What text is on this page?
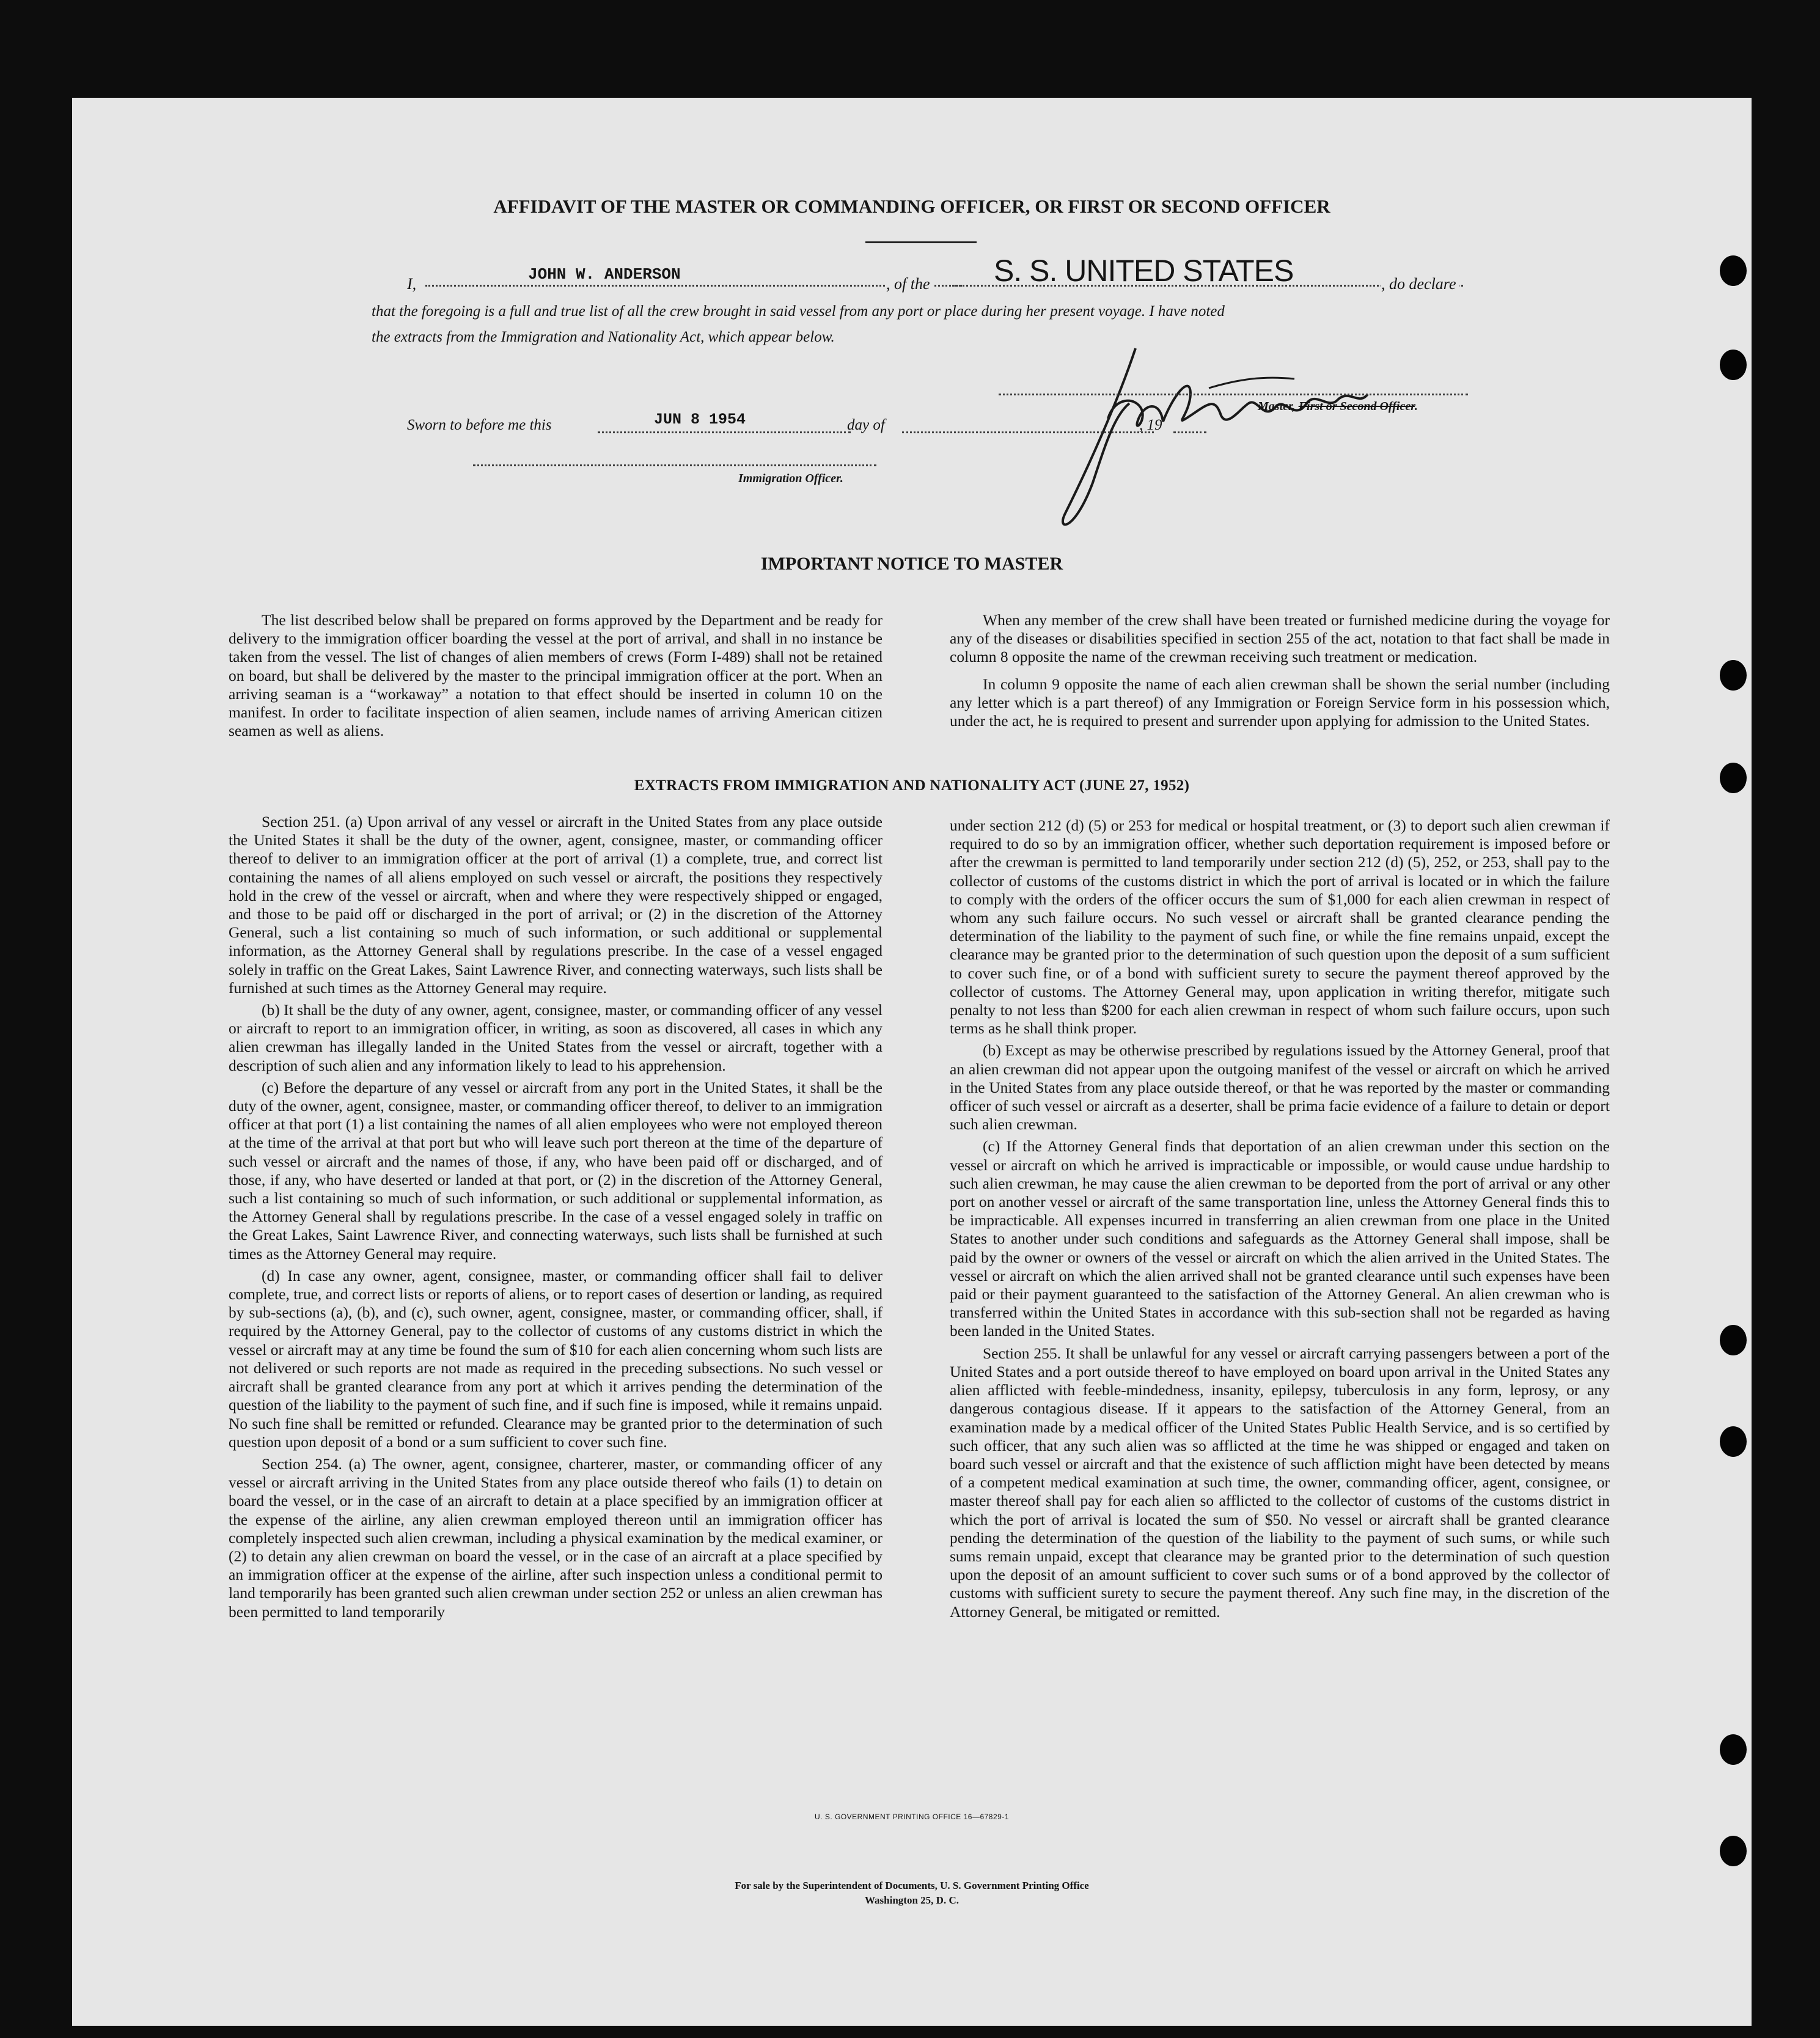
AFFIDAVIT OF THE MASTER OR COMMANDING OFFICER, OR FIRST OR SECOND OFFICER
I,
JOHN W. ANDERSON
, of the S. S. UNITED STATES	, do declare
that the foregoing is a full and true list of all the crew brought in said vessel from any port or place during her present voyage. I have noted
the extracts from the Immigration and Nationality Act, which appear below.
Master, First or Second Officer.
Sworn to before me this	JUN 8 1954	day of	, 19
Immigration Officer.
IMPORTANT NOTICE TO MASTER

The list described below shall be prepared on forms approved by the Department and be ready for delivery to the immigration officer boarding the vessel at the port of arrival, and shall in no instance be taken from the vessel. The list of changes of alien members of crews (Form I-489) shall not be retained on board, but shall be delivered by the master to the principal immigration officer at the port. When an arriving seaman is a “workaway” a notation to that effect should be inserted in column 10 on the manifest. In order to facilitate inspection of alien seamen, include names of arriving American citizen seamen as well as aliens.

When any member of the crew shall have been treated or furnished medicine during the voyage for any of the diseases or disabilities specified in section 255 of the act, notation to that fact shall be made in column 8 opposite the name of the crewman receiving such treatment or medication.

In column 9 opposite the name of each alien crewman shall be shown the serial number (including any letter which is a part thereof) of any Immigration or Foreign Service form in his possession which, under the act, he is required to present and surrender upon applying for admission to the United States.

EXTRACTS FROM IMMIGRATION AND NATIONALITY ACT (JUNE 27, 1952)

Section 251. (a) Upon arrival of any vessel or aircraft in the United States from any place outside the United States it shall be the duty of the owner, agent, consignee, master, or commanding officer thereof to deliver to an immigration officer at the port of arrival (1) a complete, true, and correct list containing the names of all aliens employed on such vessel or aircraft, the positions they respectively hold in the crew of the vessel or aircraft, when and where they were respectively shipped or engaged, and those to be paid off or discharged in the port of arrival; or (2) in the discretion of the Attorney General, such a list containing so much of such information, or such additional or supplemental information, as the Attorney General shall by regulations prescribe. In the case of a vessel engaged solely in traffic on the Great Lakes, Saint Lawrence River, and connecting waterways, such lists shall be furnished at such times as the Attorney General may require.

(b) It shall be the duty of any owner, agent, consignee, master, or commanding officer of any vessel or aircraft to report to an immigration officer, in writing, as soon as discovered, all cases in which any alien crewman has illegally landed in the United States from the vessel or aircraft, together with a description of such alien and any information likely to lead to his apprehension.

(c) Before the departure of any vessel or aircraft from any port in the United States, it shall be the duty of the owner, agent, consignee, master, or commanding officer thereof, to deliver to an immigration officer at that port (1) a list containing the names of all alien employees who were not employed thereon at the time of the arrival at that port but who will leave such port thereon at the time of the departure of such vessel or aircraft and the names of those, if any, who have been paid off or discharged, and of those, if any, who have deserted or landed at that port, or (2) in the discretion of the Attorney General, such a list containing so much of such information, or such additional or supplemental information, as the Attorney General shall by regulations prescribe. In the case of a vessel engaged solely in traffic on the Great Lakes, Saint Lawrence River, and connecting waterways, such lists shall be furnished at such times as the Attorney General may require.

(d) In case any owner, agent, consignee, master, or commanding officer shall fail to deliver complete, true, and correct lists or reports of aliens, or to report cases of desertion or landing, as required by sub-sections (a), (b), and (c), such owner, agent, consignee, master, or commanding officer, shall, if required by the Attorney General, pay to the collector of customs of any customs district in which the vessel or aircraft may at any time be found the sum of $10 for each alien concerning whom such lists are not delivered or such reports are not made as required in the preceding subsections. No such vessel or aircraft shall be granted clearance from any port at which it arrives pending the determination of the question of the liability to the payment of such fine, and if such fine is imposed, while it remains unpaid. No such fine shall be remitted or refunded. Clearance may be granted prior to the determination of such question upon deposit of a bond or a sum sufficient to cover such fine.

Section 254. (a) The owner, agent, consignee, charterer, master, or commanding officer of any vessel or aircraft arriving in the United States from any place outside thereof who fails (1) to detain on board the vessel, or in the case of an aircraft to detain at a place specified by an immigration officer at the expense of the airline, any alien crewman employed thereon until an immigration officer has completely inspected such alien crewman, including a physical examination by the medical examiner, or (2) to detain any alien crewman on board the vessel, or in the case of an aircraft at a place specified by an immigration officer at the expense of the airline, after such inspection unless a conditional permit to land temporarily has been granted such alien crewman under section 252 or unless an alien crewman has been permitted to land temporarily

under section 212 (d) (5) or 253 for medical or hospital treatment, or (3) to deport such alien crewman if required to do so by an immigration officer, whether such deportation requirement is imposed before or after the crewman is permitted to land temporarily under section 212 (d) (5), 252, or 253, shall pay to the collector of customs of the customs district in which the port of arrival is located or in which the failure to comply with the orders of the officer occurs the sum of $1,000 for each alien crewman in respect of whom any such failure occurs. No such vessel or aircraft shall be granted clearance pending the determination of the liability to the payment of such fine, or while the fine remains unpaid, except the clearance may be granted prior to the determination of such question upon the deposit of a sum sufficient to cover such fine, or of a bond with sufficient surety to secure the payment thereof approved by the collector of customs. The Attorney General may, upon application in writing therefor, mitigate such penalty to not less than $200 for each alien crewman in respect of whom such failure occurs, upon such terms as he shall think proper.

(b) Except as may be otherwise prescribed by regulations issued by the Attorney General, proof that an alien crewman did not appear upon the outgoing manifest of the vessel or aircraft on which he arrived in the United States from any place outside thereof, or that he was reported by the master or commanding officer of such vessel or aircraft as a deserter, shall be prima facie evidence of a failure to detain or deport such alien crewman.

(c) If the Attorney General finds that deportation of an alien crewman under this section on the vessel or aircraft on which he arrived is impracticable or impossible, or would cause undue hardship to such alien crewman, he may cause the alien crewman to be deported from the port of arrival or any other port on another vessel or aircraft of the same transportation line, unless the Attorney General finds this to be impracticable. All expenses incurred in transferring an alien crewman from one place in the United States to another under such conditions and safeguards as the Attorney General shall impose, shall be paid by the owner or owners of the vessel or aircraft on which the alien arrived in the United States. The vessel or aircraft on which the alien arrived shall not be granted clearance until such expenses have been paid or their payment guaranteed to the satisfaction of the Attorney General. An alien crewman who is transferred within the United States in accordance with this sub-section shall not be regarded as having been landed in the United States.

Section 255. It shall be unlawful for any vessel or aircraft carrying passengers between a port of the United States and a port outside thereof to have employed on board upon arrival in the United States any alien afflicted with feeble-mindedness, insanity, epilepsy, tuberculosis in any form, leprosy, or any dangerous contagious disease. If it appears to the satisfaction of the Attorney General, from an examination made by a medical officer of the United States Public Health Service, and is so certified by such officer, that any such alien was so afflicted at the time he was shipped or engaged and taken on board such vessel or aircraft and that the existence of such affliction might have been detected by means of a competent medical examination at such time, the owner, commanding officer, agent, consignee, or master thereof shall pay for each alien so afflicted to the collector of customs of the customs district in which the port of arrival is located the sum of $50. No vessel or aircraft shall be granted clearance pending the determination of the question of the liability to the payment of such sums, or while such sums remain unpaid, except that clearance may be granted prior to the determination of such question upon the deposit of an amount sufficient to cover such sums or of a bond approved by the collector of customs with sufficient surety to secure the payment thereof. Any such fine may, in the discretion of the Attorney General, be mitigated or remitted.

U. S. GOVERNMENT PRINTING OFFICE 16—67829-1
For sale by the Superintendent of Documents, U. S. Government Printing Office
Washington 25, D. C.
